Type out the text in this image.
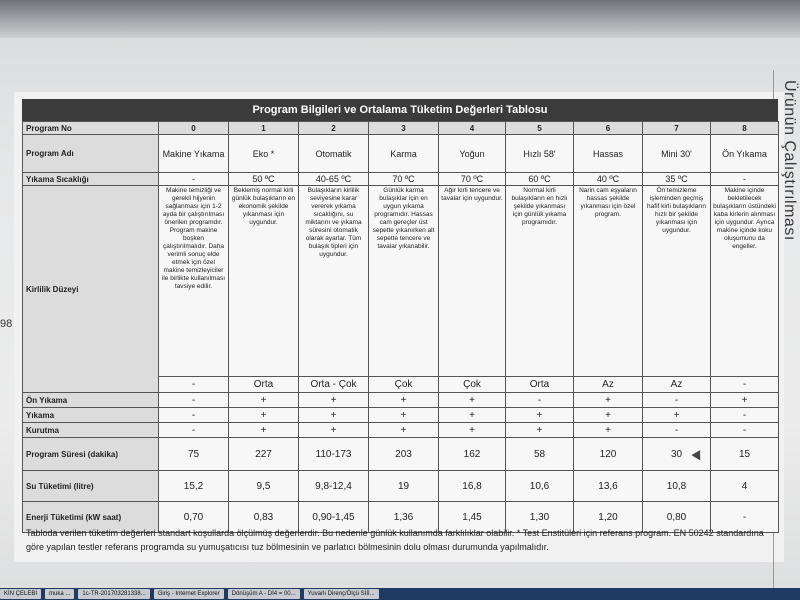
Ürünün Çalıştırılması
98
Program Bilgileri ve Ortalama Tüketim Değerleri Tablosu
Program No	0	1	2	3	4	5	6	7	8
Program Adı	Makine Yıkama	Eko *	Otomatik	Karma	Yoğun	Hızlı 58'	Hassas	Mini 30'	Ön Yıkama
Yıkama Sıcaklığı	-	50 ºC	40-65 ºC	70 ºC	70 ºC	60 ºC	40 ºC	35 ºC	-
Kirlilik Düzeyi	Makine temizliği ve gerekli hijyenin sağlanması için 1-2 ayda bir çalıştırılması önerilen programdır. Program makine boşken çalıştırılmalıdır. Daha verimli sonuç elde etmek için özel makine temizleyiciler ile birlikte kullanılması tavsiye edilir.	Beklemiş normal kirli günlük bulaşıkların en ekonomik şekilde yıkanması için uygundur.	Bulaşıkların kirlilik seviyesine karar vererek yıkama sıcaklığını, su miktarını ve yıkama süresini otomatik olarak ayarlar. Tüm bulaşık tipleri için uygundur.	Günlük karma bulaşıklar için en uygun yıkama programıdır. Hassas cam gereçler üst sepette yıkanırken alt sepette tencere ve tavalar yıkanabilir.	Ağır kirli tencere ve tavalar için uygundur.	Normal kirli bulaşıkların en hızlı şekilde yıkanması için günlük yıkama programıdır.	Narin cam eşyaların hassas şekilde yıkanması için özel program.	Ön temizleme işleminden geçmiş hafif kirli bulaşıkların hızlı bir şekilde yıkanması için uygundur.	Makine içinde bekletilecek bulaşıkların üstündeki kaba kirlerin alınması için uygundur. Ayrıca makine içinde koku oluşumunu da engeller.
	-	Orta	Orta - Çok	Çok	Çok	Orta	Az	Az	-
Ön Yıkama	-	+	+	+	+	-	+	-	+
Yıkama	-	+	+	+	+	+	+	+	-
Kurutma	-	+	+	+	+	+	+	-	-
Program Süresi (dakika)	75	227	110-173	203	162	58	120	30	15
Su Tüketimi (litre)	15,2	9,5	9,8-12,4	19	16,8	10,6	13,6	10,8	4
Enerji Tüketimi (kW saat)	0,70	0,83	0,90-1,45	1,36	1,45	1,30	1,20	0,80	-
Tabloda verilen tüketim değerleri standart koşullarda ölçülmüş değerlerdir. Bu nedenle günlük kullanımda farklılıklar olabilir. * Test Enstitüleri için referans program. EN 50242 standardına göre yapılan testler referans programda su yumuşatıcısı tuz bölmesinin ve parlatıcı bölmesinin dolu olması durumunda yapılmalıdır.
KİN ÇELEBİ	muka ...	1c-TR-201703281338...	Giriş - Internet Explorer	Dönüşüm A - Dİ4 = 00...	Yuvarlı Direnç/Ölçü Sİİİ...
